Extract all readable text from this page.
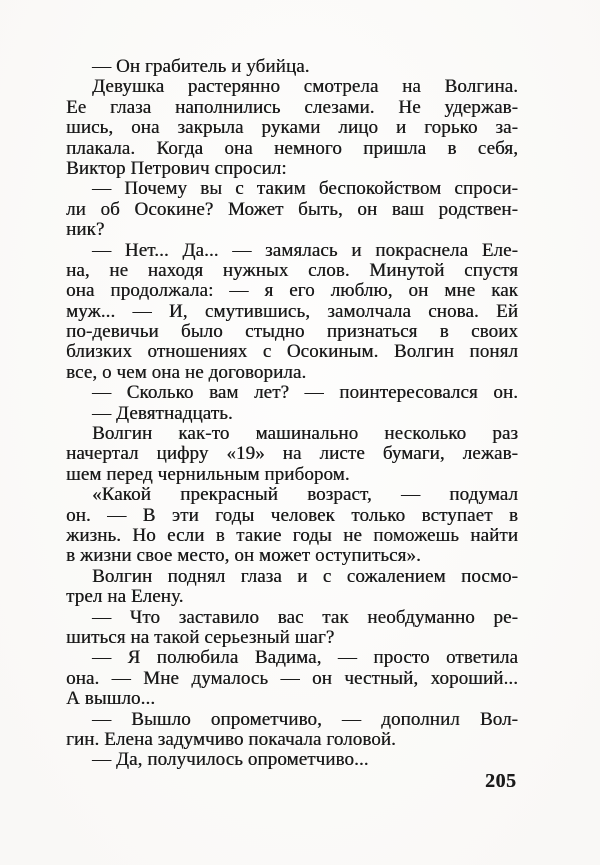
— Он грабитель и убийца.
Девушка растерянно смотрела на Волгина.
Ее глаза наполнились слезами. Не удержав-
шись, она закрыла руками лицо и горько за-
плакала. Когда она немного пришла в себя,
Виктор Петрович спросил:
— Почему вы с таким беспокойством спроси-
ли об Осокине? Может быть, он ваш родствен-
ник?
— Нет... Да... — замялась и покраснела Еле-
на, не находя нужных слов. Минутой спустя
она продолжала: — я его люблю, он мне как
муж... — И, смутившись, замолчала снова. Ей
по-девичьи было стыдно признаться в своих
близких отношениях с Осокиным. Волгин понял
все, о чем она не договорила.
— Сколько вам лет? — поинтересовался он.
— Девятнадцать.
Волгин как-то машинально несколько раз
начертал цифру «19» на листе бумаги, лежав-
шем перед чернильным прибором.
«Какой прекрасный возраст, — подумал
он. — В эти годы человек только вступает в
жизнь. Но если в такие годы не поможешь найти
в жизни свое место, он может оступиться».
Волгин поднял глаза и с сожалением посмо-
трел на Елену.
— Что заставило вас так необдуманно ре-
шиться на такой серьезный шаг?
— Я полюбила Вадима, — просто ответила
она. — Мне думалось — он честный, хороший...
А вышло...
— Вышло опрометчиво, — дополнил Вол-
гин. Елена задумчиво покачала головой.
— Да, получилось опрометчиво...
205
